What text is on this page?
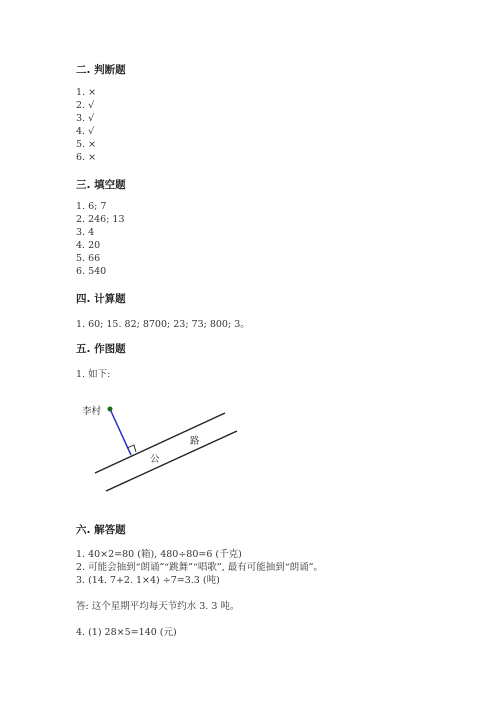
二. 判断题
1. ×
2. √
3. √
4. √
5. ×
6. ×
三. 填空题
1. 6; 7
2. 246; 13
3. 4
4. 20
5. 66
6. 540
四. 计算题
1. 60; 15. 82; 8700; 23; 73; 800; 3。
五. 作图题
1. 如下:
李村
路
公
六. 解答题
1. 40×2=80 (箱), 480÷80=6 (千克)
2. 可能会抽到“朗诵”“跳舞”“唱歌”, 最有可能抽到“朗诵”。
3. (14. 7+2. 1×4) ÷7=3.3 (吨)
答: 这个星期平均每天节约水 3. 3 吨。
4. (1) 28×5=140 (元)
